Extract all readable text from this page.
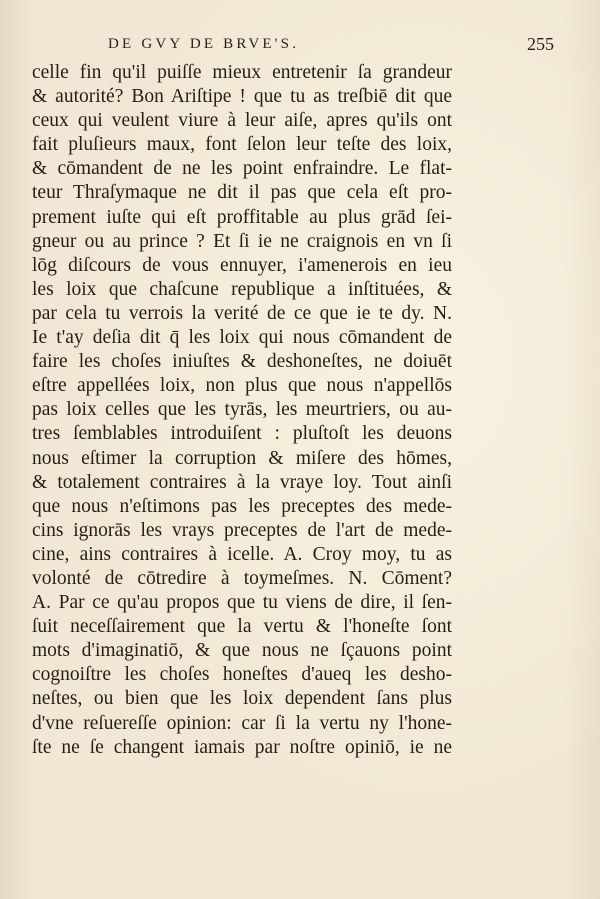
DE GVY DE BRVE'S.	255
celle fin qu'il puiſſe mieux entretenir ſa grandeur
& autorité? Bon Ariſtipe ! que tu as treſbiē dit que
ceux qui veulent viure à leur aiſe, apres qu'ils ont
fait pluſieurs maux, font ſelon leur teſte des loix,
& cōmandent de ne les point enfraindre. Le flat-
teur Thraſymaque ne dit il pas que cela eſt pro-
prement iuſte qui eſt proffitable au plus grād ſei-
gneur ou au prince ? Et ſi ie ne craignois en vn ſi
lōg diſcours de vous ennuyer, i'amenerois en ieu
les loix que chaſcune republique a inſtituées, &
par cela tu verrois la verité de ce que ie te dy. N.
Ie t'ay deſia dit q̄ les loix qui nous cōmandent de
faire les choſes iniuſtes & deshoneſtes, ne doiuēt
eſtre appellées loix, non plus que nous n'appellōs
pas loix celles que les tyrās, les meurtriers, ou au-
tres ſemblables introduiſent : pluſtoſt les deuons
nous eſtimer la corruption & miſere des hōmes,
& totalement contraires à la vraye loy. Tout ainſi
que nous n'eſtimons pas les preceptes des mede-
cins ignorās les vrays preceptes de l'art de mede-
cine, ains contraires à icelle. A. Croy moy, tu as
volonté de cōtredire à toymeſmes. N. Cōment?
A. Par ce qu'au propos que tu viens de dire, il ſen-
ſuit neceſſairement que la vertu & l'honeſte ſont
mots d'imaginatiō, & que nous ne ſçauons point
cognoiſtre les choſes honeſtes d'aueq les desho-
neſtes, ou bien que les loix dependent ſans plus
d'vne reſuereſſe opinion: car ſi la vertu ny l'hone-
ſte ne ſe changent iamais par noſtre opiniō, ie ne
